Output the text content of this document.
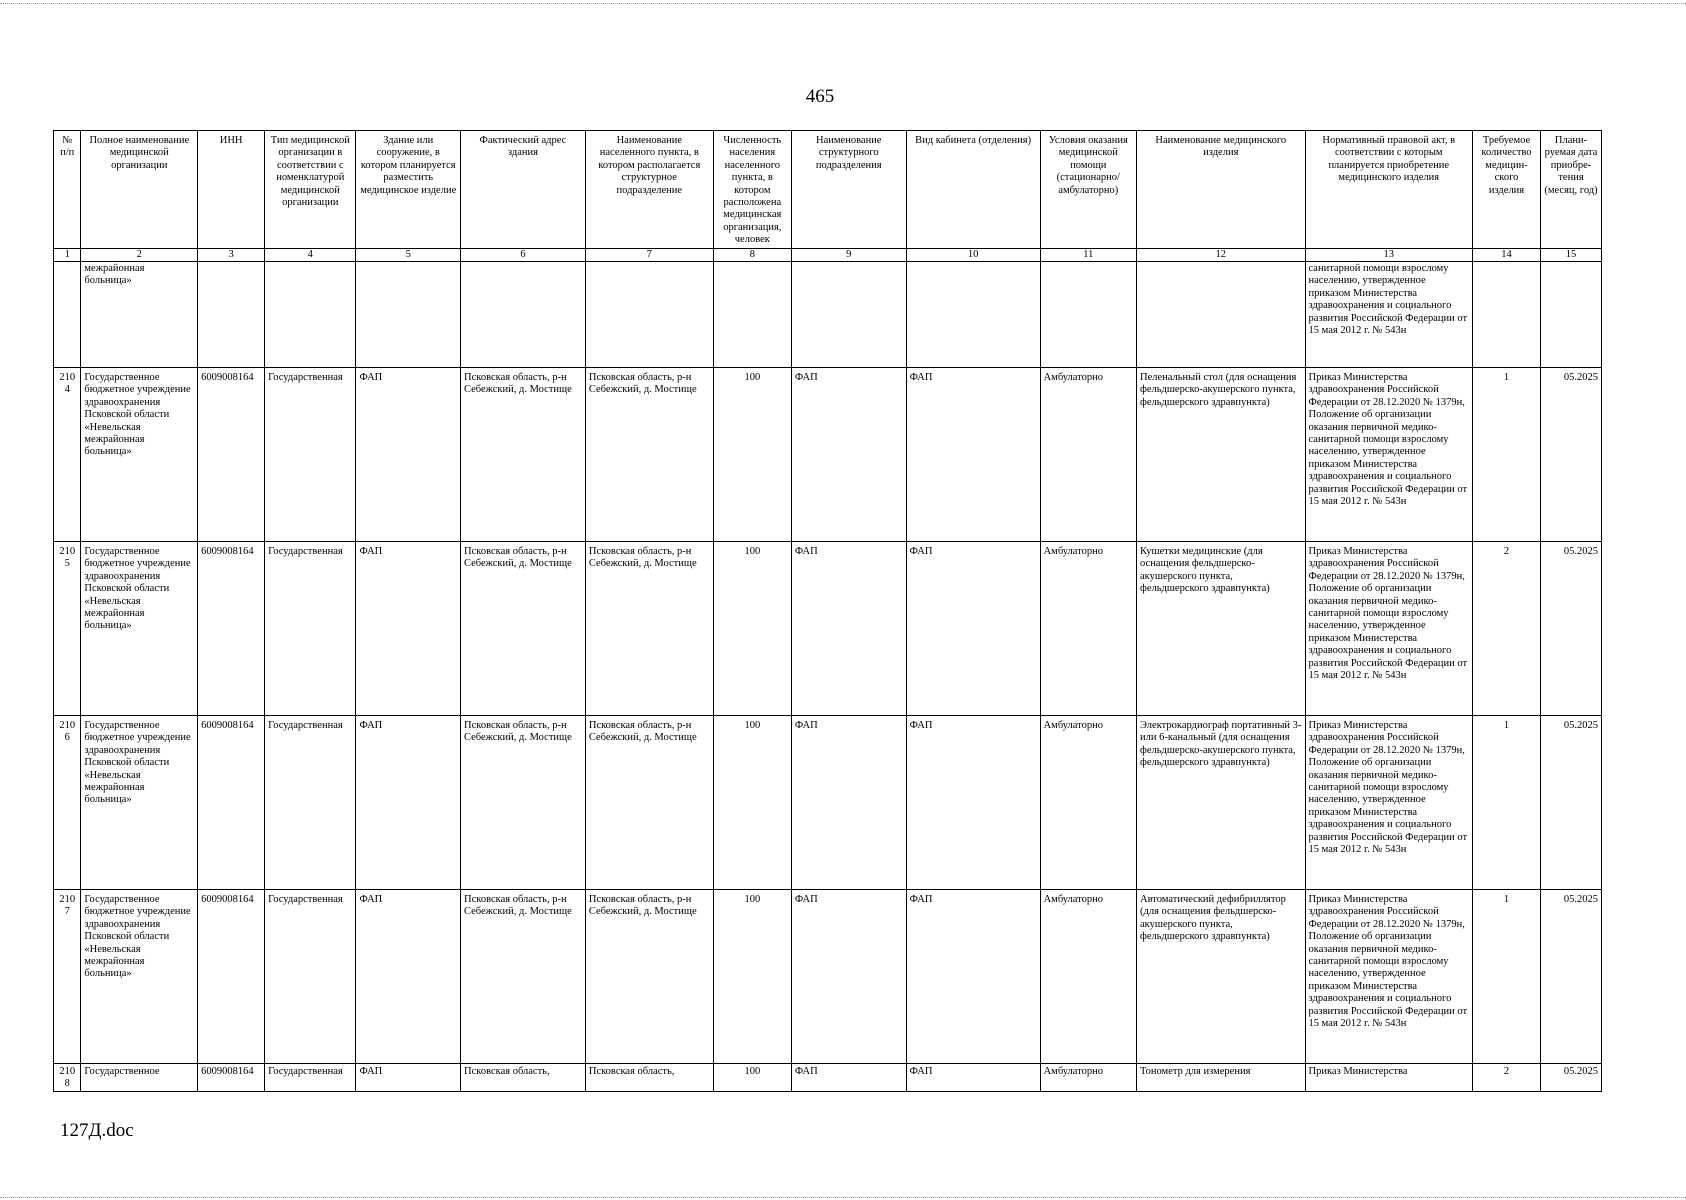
465
№ п/п	Полное наименование медицинской организации	ИНН	Тип медицинской организации в соответствии с номенклатурой медицинской организации	Здание или сооружение, в котором планируется разместить медицинское изделие	Фактический адрес здания	Наименование населенного пункта, в котором располагается структурное подразделение	Численность населения населенного пункта, в котором расположена медицинская организация, человек	Наименование структурного подразделения	Вид кабинета (отделения)	Условия оказания медицинской помощи (стационарно/ амбулаторно)	Наименование медицинского изделия	Нормативный правовой акт, в соответствии с которым планируется приобретение медицинского изделия	Требуемое количество медицин-ского изделия	Плани-руемая дата приобре-тения (месяц, год)
1	2	3	4	5	6	7	8	9	10	11	12	13	14	15
	межрайонная больница»											санитарной помощи взрослому населению, утвержденное приказом Министерства здравоохранения и социального развития Российской Федерации от 15 мая 2012 г. № 543н		
2104	Государственное бюджетное учреждение здравоохранения Псковской области «Невельская межрайонная больница»	6009008164	Государственная	ФАП	Псковская область, р-н Себежский, д. Мостище	Псковская область, р-н Себежский, д. Мостище	100	ФАП	ФАП	Амбулаторно	Пеленальный стол (для оснащения фельдшерско-акушерского пункта, фельдшерского здравпункта)	Приказ Министерства здравоохранения Российской Федерации от 28.12.2020 № 1379н, Положение об организации оказания первичной медико-санитарной помощи взрослому населению, утвержденное приказом Министерства здравоохранения и социального развития Российской Федерации от 15 мая 2012 г. № 543н	1	05.2025
2105	Государственное бюджетное учреждение здравоохранения Псковской области «Невельская межрайонная больница»	6009008164	Государственная	ФАП	Псковская область, р-н Себежский, д. Мостище	Псковская область, р-н Себежский, д. Мостище	100	ФАП	ФАП	Амбулаторно	Кушетки медицинские (для оснащения фельдшерско-акушерского пункта, фельдшерского здравпункта)	Приказ Министерства здравоохранения Российской Федерации от 28.12.2020 № 1379н, Положение об организации оказания первичной медико-санитарной помощи взрослому населению, утвержденное приказом Министерства здравоохранения и социального развития Российской Федерации от 15 мая 2012 г. № 543н	2	05.2025
2106	Государственное бюджетное учреждение здравоохранения Псковской области «Невельская межрайонная больница»	6009008164	Государственная	ФАП	Псковская область, р-н Себежский, д. Мостище	Псковская область, р-н Себежский, д. Мостище	100	ФАП	ФАП	Амбулаторно	Электрокардиограф портативный 3- или 6-канальный (для оснащения фельдшерско-акушерского пункта, фельдшерского здравпункта)	Приказ Министерства здравоохранения Российской Федерации от 28.12.2020 № 1379н, Положение об организации оказания первичной медико-санитарной помощи взрослому населению, утвержденное приказом Министерства здравоохранения и социального развития Российской Федерации от 15 мая 2012 г. № 543н	1	05.2025
2107	Государственное бюджетное учреждение здравоохранения Псковской области «Невельская межрайонная больница»	6009008164	Государственная	ФАП	Псковская область, р-н Себежский, д. Мостище	Псковская область, р-н Себежский, д. Мостище	100	ФАП	ФАП	Амбулаторно	Автоматический дефибриллятор (для оснащения фельдшерско-акушерского пункта, фельдшерского здравпункта)	Приказ Министерства здравоохранения Российской Федерации от 28.12.2020 № 1379н, Положение об организации оказания первичной медико-санитарной помощи взрослому населению, утвержденное приказом Министерства здравоохранения и социального развития Российской Федерации от 15 мая 2012 г. № 543н	1	05.2025
2108	Государственное	6009008164	Государственная	ФАП	Псковская область,	Псковская область,	100	ФАП	ФАП	Амбулаторно	Тонометр для измерения	Приказ Министерства	2	05.2025
127Д.doc
